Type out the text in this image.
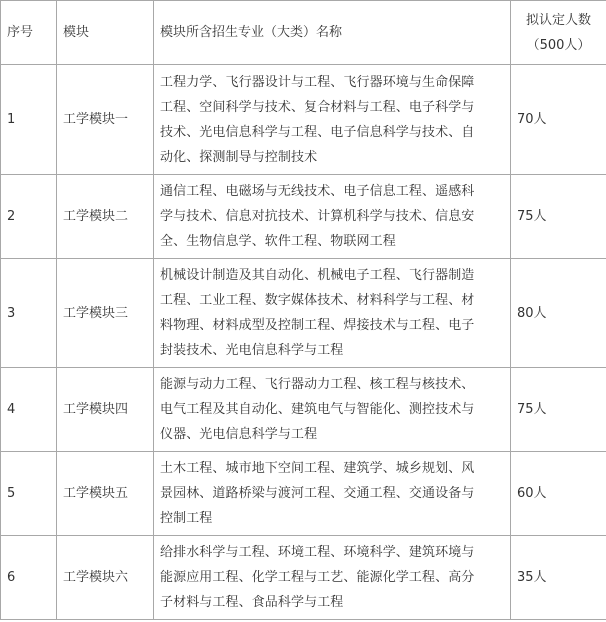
序号	模块	模块所含招生专业（大类）名称	拟认定人数
（500人）

1	工学模块一	工程力学、飞行器设计与工程、飞行器环境与生命保障
工程、空间科学与技术、复合材料与工程、电子科学与
技术、光电信息科学与工程、电子信息科学与技术、自
动化、探测制导与控制技术	70人
2	工学模块二	通信工程、电磁场与无线技术、电子信息工程、遥感科
学与技术、信息对抗技术、计算机科学与技术、信息安
全、生物信息学、软件工程、物联网工程	75人
3	工学模块三	机械设计制造及其自动化、机械电子工程、飞行器制造
工程、工业工程、数字媒体技术、材料科学与工程、材
料物理、材料成型及控制工程、焊接技术与工程、电子
封装技术、光电信息科学与工程	80人
4	工学模块四	能源与动力工程、飞行器动力工程、核工程与核技术、
电气工程及其自动化、建筑电气与智能化、测控技术与
仪器、光电信息科学与工程	75人
5	工学模块五	土木工程、城市地下空间工程、建筑学、城乡规划、风
景园林、道路桥梁与渡河工程、交通工程、交通设备与
控制工程	60人
6	工学模块六	给排水科学与工程、环境工程、环境科学、建筑环境与
能源应用工程、化学工程与工艺、能源化学工程、高分
子材料与工程、食品科学与工程	35人
